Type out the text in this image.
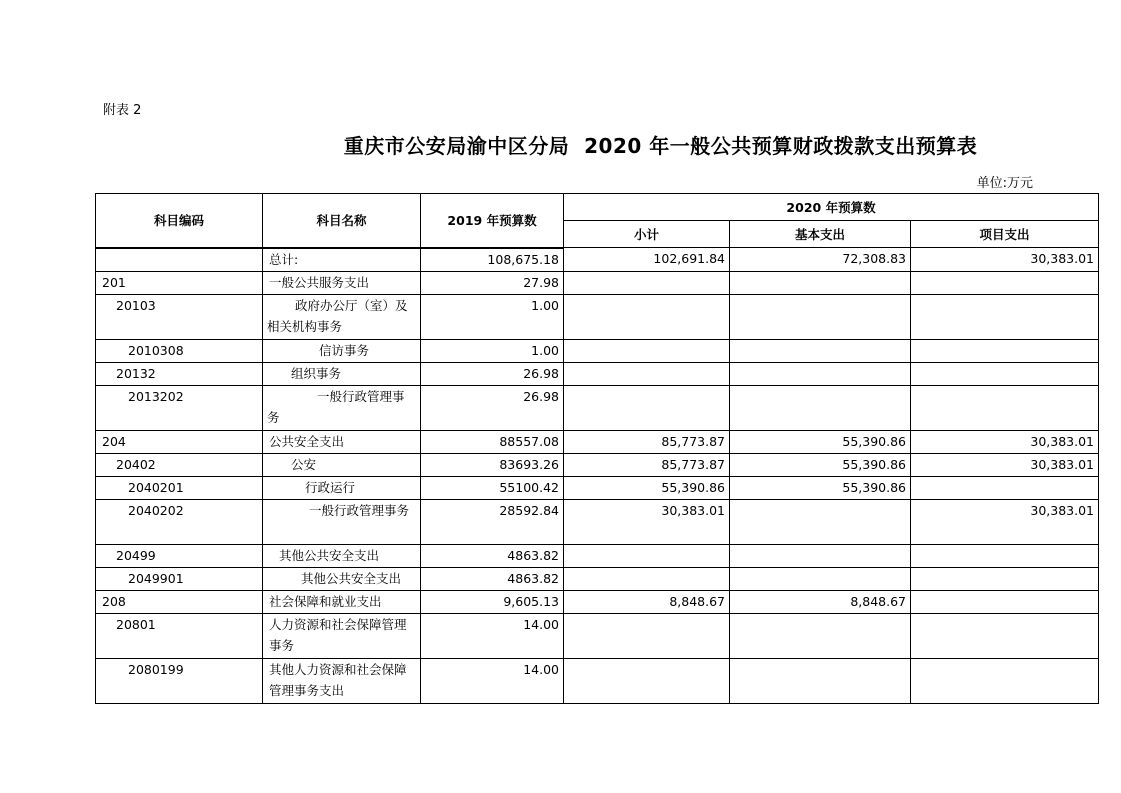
附表 2
重庆市公安局渝中区分局 2020 年一般公共预算财政拨款支出预算表
单位:万元
科目编码	科目名称	2019 年预算数	2020 年预算数		
			小计	基本支出	项目支出
	总计:	108,675.18	102,691.84	72,308.83	30,383.01
201	一般公共服务支出	27.98			
20103	政府办公厅（室）及相关机构事务	1.00			
2010308	信访事务	1.00			
20132	组织事务	26.98			
2013202	一般行政管理事务	26.98			
204	公共安全支出	88557.08	85,773.87	55,390.86	30,383.01
20402	公安	83693.26	85,773.87	55,390.86	30,383.01
2040201	行政运行	55100.42	55,390.86	55,390.86	
2040202	一般行政管理事务	28592.84	30,383.01		30,383.01
20499	其他公共安全支出	4863.82			
2049901	其他公共安全支出	4863.82			
208	社会保障和就业支出	9,605.13	8,848.67	8,848.67	
20801	人力资源和社会保障管理事务	14.00			
2080199	其他人力资源和社会保障管理事务支出	14.00			
